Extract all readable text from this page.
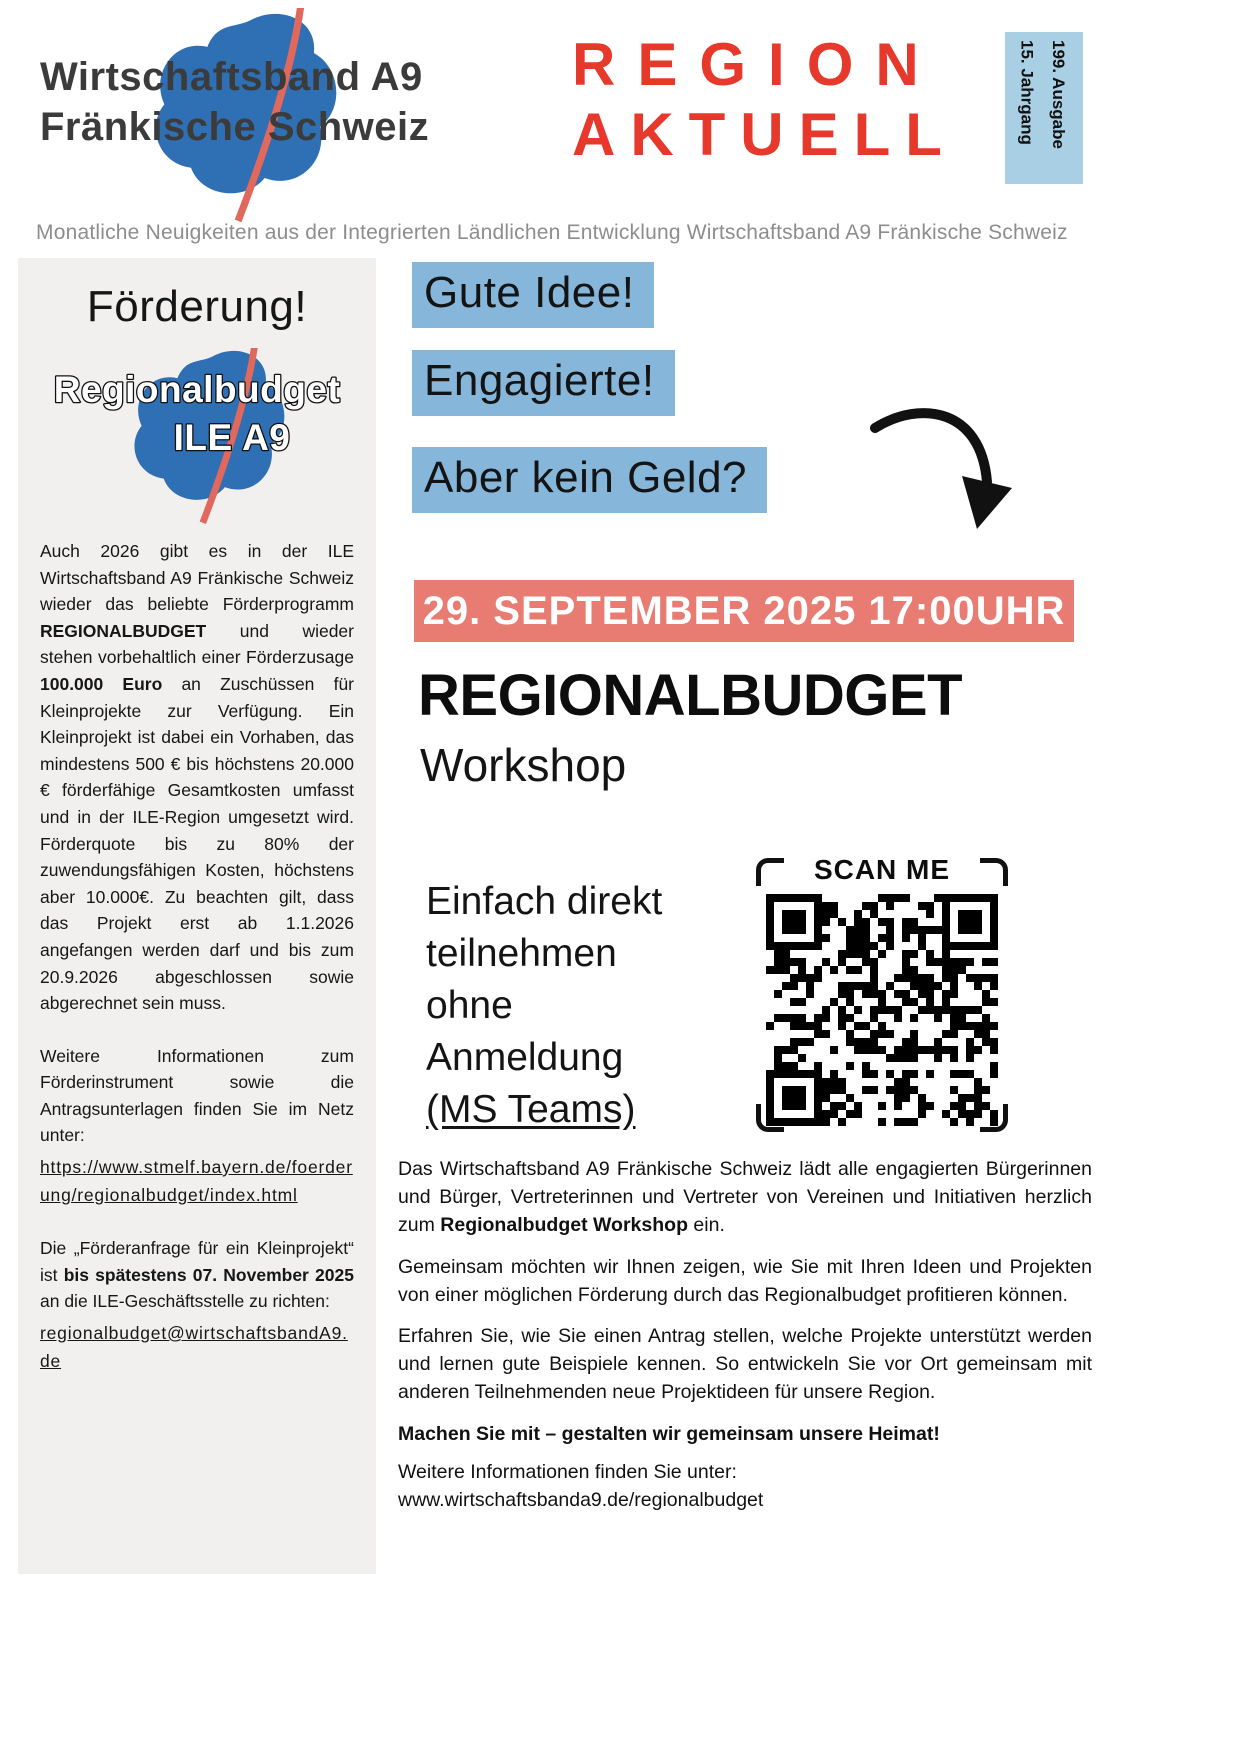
Wirtschaftsband A9
Fränkische Schweiz
REGION
AKTUELL	15. Jahrgang 199. Ausgabe
Monatliche Neuigkeiten aus der Integrierten Ländlichen Entwicklung Wirtschaftsband A9 Fränkische Schweiz
Förderung!
Regionalbudget
ILE A9

Auch 2026 gibt es in der ILE Wirtschaftsband A9 Fränkische Schweiz wieder das beliebte Förderprogramm REGIONALBUDGET und wieder stehen vorbehaltlich einer Förderzusage 100.000 Euro an Zuschüssen für Kleinprojekte zur Verfügung. Ein Kleinprojekt ist dabei ein Vorhaben, das mindestens 500 € bis höchstens 20.000 € förderfähige Gesamtkosten umfasst und in der ILE-Region umgesetzt wird. Förderquote bis zu 80% der zuwendungsfähigen Kosten, höchstens aber 10.000€. Zu beachten gilt, dass das Projekt erst ab 1.1.2026 angefangen werden darf und bis zum 20.9.2026 abgeschlossen sowie abgerechnet sein muss.

Weitere Informationen zum Förderinstrument sowie die Antragsunterlagen finden Sie im Netz unter:

https://www.stmelf.bayern.de/foerderung/regionalbudget/index.html

Die „Förderanfrage für ein Kleinprojekt“ ist bis spätestens 07. November 2025 an die ILE-Geschäftsstelle zu richten:

regionalbudget@wirtschaftsbandA9.de
Gute Idee!
Engagierte!
Aber kein Geld?
29. SEPTEMBER 2025 17:00UHR
REGIONALBUDGET
Workshop
Einfach direkt
teilnehmen
ohne
Anmeldung
(MS Teams)
SCAN ME

Das Wirtschaftsband A9 Fränkische Schweiz lädt alle engagierten Bürgerinnen und Bürger, Vertreterinnen und Vertreter von Vereinen und Initiativen herzlich zum Regionalbudget Workshop ein.

Gemeinsam möchten wir Ihnen zeigen, wie Sie mit Ihren Ideen und Projekten von einer möglichen Förderung durch das Regionalbudget profitieren können.

Erfahren Sie, wie Sie einen Antrag stellen, welche Projekte unterstützt werden und lernen gute Beispiele kennen. So entwickeln Sie vor Ort gemeinsam mit anderen Teilnehmenden neue Projektideen für unsere Region.

Machen Sie mit – gestalten wir gemeinsam unsere Heimat!

Weitere Informationen finden Sie unter:
www.wirtschaftsbanda9.de/regionalbudget
